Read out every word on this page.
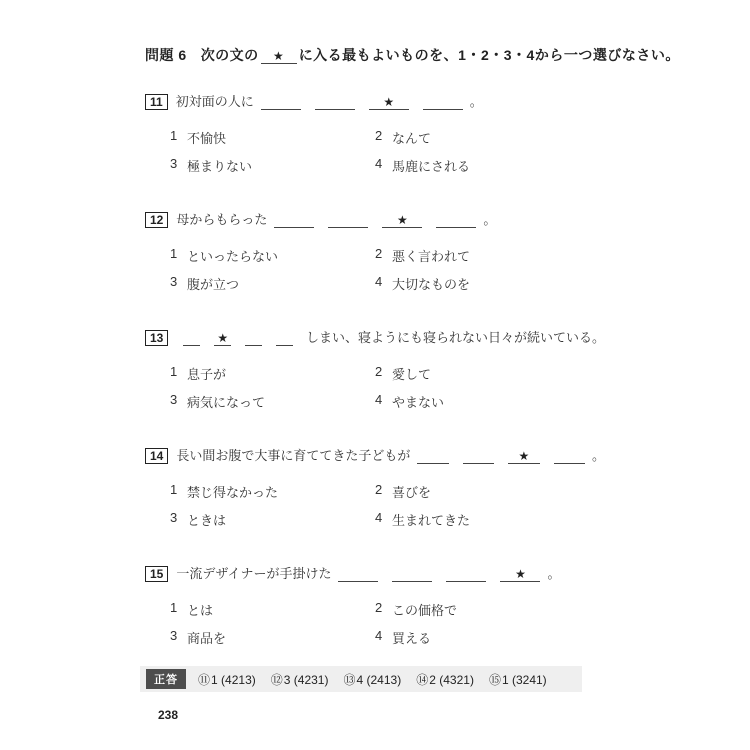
問題 6 次の文の ★ に入る最もよいものを、1・2・3・4から一つ選びなさい。
11	初対面の人に	★	。
1 不愉快	2 なんて
3 極まりない	4 馬鹿にされる
12	母からもらった	★	。
1 といったらない	2 悪く言われて
3 腹が立つ	4 大切なものを
13	★	しまい、寝ようにも寝られない日々が続いている。
1 息子が	2 愛して
3 病気になって	4 やまない
14	長い間お腹で大事に育ててきた子どもが	★	。
1 禁じ得なかった	2 喜びを
3 ときは	4 生まれてきた
15	一流デザイナーが手掛けた	★	。
1 とは	2 この価格で
3 商品を	4 買える
正答	⑪1 (4213) ⑫3 (4231) ⑬4 (2413) ⑭2 (4321) ⑮1 (3241)
238
